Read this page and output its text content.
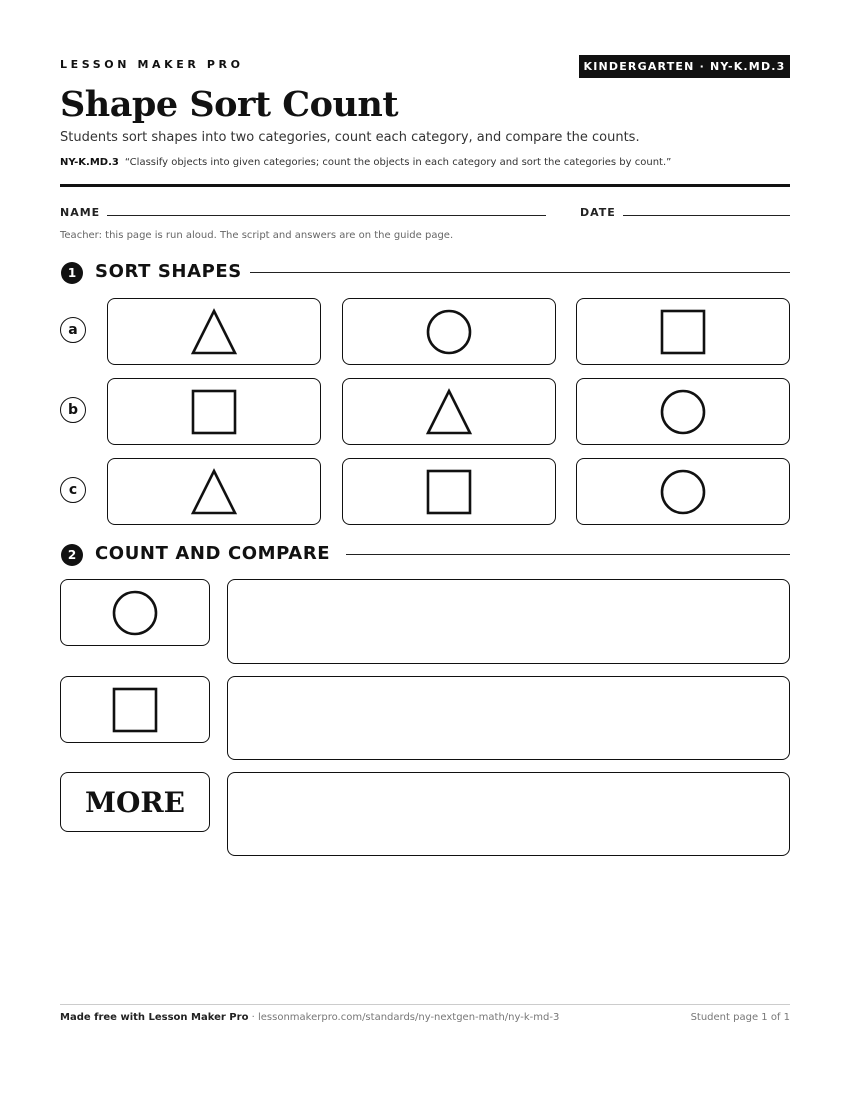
LESSON MAKER PRO	KINDERGARTEN · NY-K.MD.3
Shape Sort Count
Students sort shapes into two categories, count each category, and compare the counts.
NY-K.MD.3 “Classify objects into given categories; count the objects in each category and sort the categories by count.”
NAME	DATE
Teacher: this page is run aloud. The script and answers are on the guide page.
1	SORT SHAPES
a
b
c
2	COUNT AND COMPARE
MORE
Made free with Lesson Maker Pro · lessonmakerpro.com/standards/ny-nextgen-math/ny-k-md-3	Student page 1 of 1
